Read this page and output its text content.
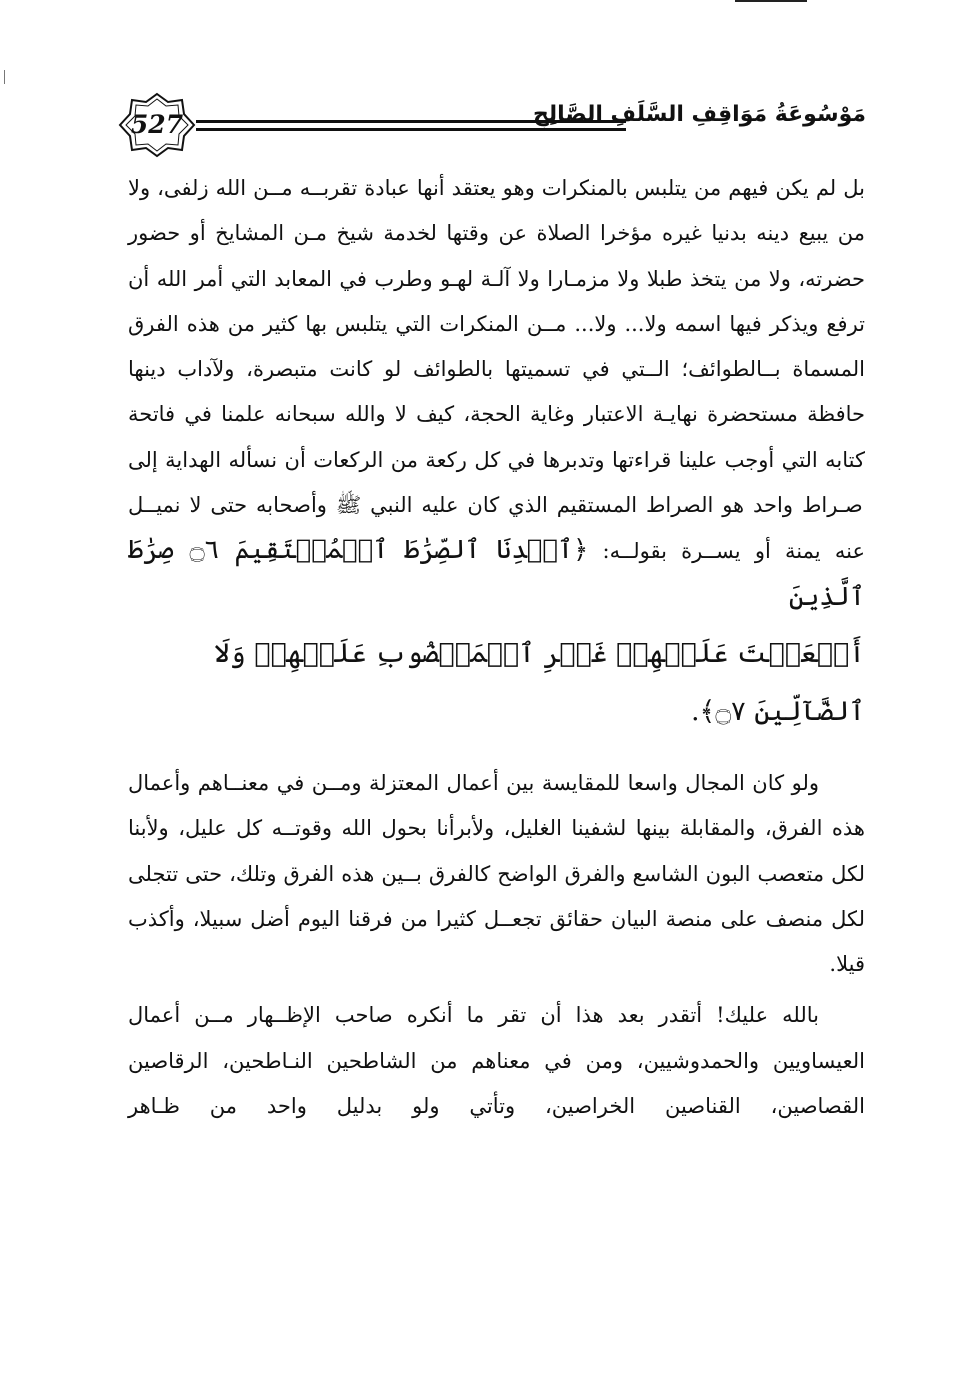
527	مَوْسُوعَةُ مَوَاقِفِ السَّلَفِ الصَّالِحِ

بل لم يكن فيهم من يتلبس بالمنكرات وهو يعتقد أنها عبادة تقربــه مــن الله زلفى، ولا من يبيع دينه بدنيا غيره مؤخرا الصلاة عن وقتها لخدمة شيخ مـن المشايخ أو حضور حضرته، ولا من يتخذ طبلا ولا مزمـارا ولا آلـة لهـو وطرب في المعابد التي أمر الله أن ترفع ويذكر فيها اسمه ولا... ولا... مــن المنكرات التي يتلبس بها كثير من هذه الفرق المسماة بــالطوائف؛ الــتي في تسميتها بالطوائف لو كانت متبصرة، ولآداب دينها حافظة مستحضرة نهايـة الاعتبار وغاية الحجة، كيف لا والله سبحانه علمنا في فاتحة كتابه التي أوجب علينا قراءتها وتدبرها في كل ركعة من الركعات أن نسأله الهداية إلى صـراط واحد هو الصراط المستقيم الذي كان عليه النبي ﷺ وأصحابه حتى لا نميــل عنه يمنة أو يســرة بقولــه: ﴿ٱهۡدِنَا ٱلصِّرَٰطَ ٱلۡمُسۡتَقِيمَ ۝٦ صِرَٰطَ ٱلَّذِينَ

أَنۡعَمۡتَ عَلَيۡهِمۡ غَيۡرِ ٱلۡمَغۡضُوبِ عَلَيۡهِمۡ وَلَا ٱلضَّآلِّينَ ۝٧﴾.

ولو كان المجال واسعا للمقايسة بين أعمال المعتزلة ومــن في معنــاهم وأعمال هذه الفرق، والمقابلة بينها لشفينا الغليل، ولأبرأنا بحول الله وقوتــه كل عليل، ولأبنا لكل متعصب البون الشاسع والفرق الواضح كالفرق بــين هذه الفرق وتلك، حتى تتجلى لكل منصف على منصة البيان حقائق تجعــل كثيرا من فرقنا اليوم أضل سبيلا، وأكذب قيلا.

بالله عليك! أتقدر بعد هذا أن تقر ما أنكره صاحب الإظــهار مــن أعمال العيساويين والحمدوشيين، ومن في معناهم من الشاطحين النـاطحين، الرقاصين القصاصين، القناصين الخراصين، وتأتي ولو بدليل واحد من ظـاهر
